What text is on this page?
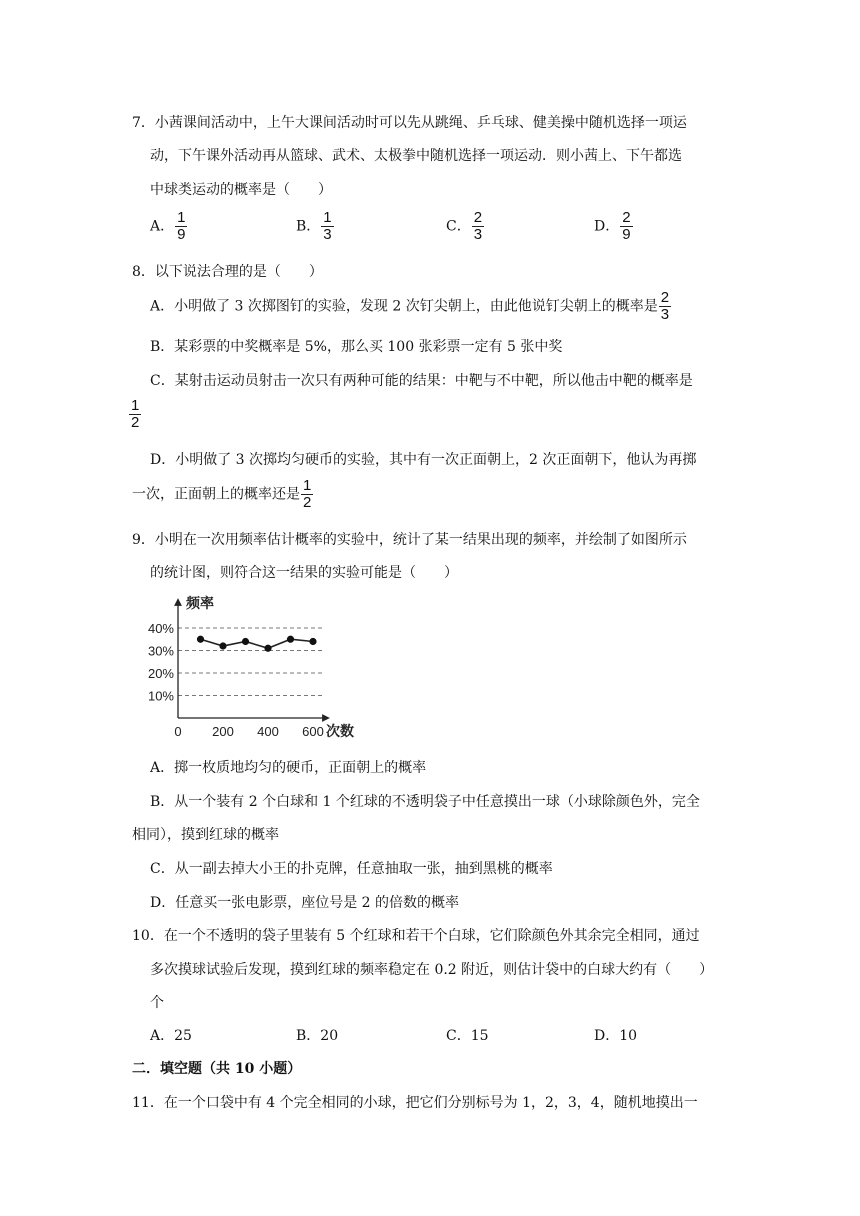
7．小茜课间活动中，上午大课间活动时可以先从跳绳、乒乓球、健美操中随机选择一项运
动，下午课外活动再从篮球、武术、太极拳中随机选择一项运动．则小茜上、下午都选
中球类运动的概率是（　　）
A． $\frac{1}{9}$	B． $\frac{1}{3}$	C． $\frac{2}{3}$	D． $\frac{2}{9}$
8．以下说法合理的是（　　）
A．小明做了 3 次掷图钉的实验，发现 2 次钉尖朝上，由此他说钉尖朝上的概率是 $\frac{2}{3}$
B．某彩票的中奖概率是 5%，那么买 100 张彩票一定有 5 张中奖
C．某射击运动员射击一次只有两种可能的结果：中靶与不中靶，所以他击中靶的概率是
$\frac{1}{2}$
D．小明做了 3 次掷均匀硬币的实验，其中有一次正面朝上，2 次正面朝下，他认为再掷
一次，正面朝上的概率还是 $\frac{1}{2}$
9．小明在一次用频率估计概率的实验中，统计了某一结果出现的频率，并绘制了如图所示
的统计图，则符合这一结果的实验可能是（　　）
频率
次数
10%
20%
30%
40%
0 200 400 600
A．掷一枚质地均匀的硬币，正面朝上的概率
B．从一个装有 2 个白球和 1 个红球的不透明袋子中任意摸出一球（小球除颜色外，完全
相同），摸到红球的概率
C．从一副去掉大小王的扑克牌，任意抽取一张，抽到黑桃的概率
D．任意买一张电影票，座位号是 2 的倍数的概率
10．在一个不透明的袋子里装有 5 个红球和若干个白球，它们除颜色外其余完全相同，通过
多次摸球试验后发现，摸到红球的频率稳定在 0.2 附近，则估计袋中的白球大约有（　　）
个
A．25	B．20	C．15	D．10
二．填空题（共 10 小题）
11．在一个口袋中有 4 个完全相同的小球，把它们分别标号为 1，2，3，4，随机地摸出一
